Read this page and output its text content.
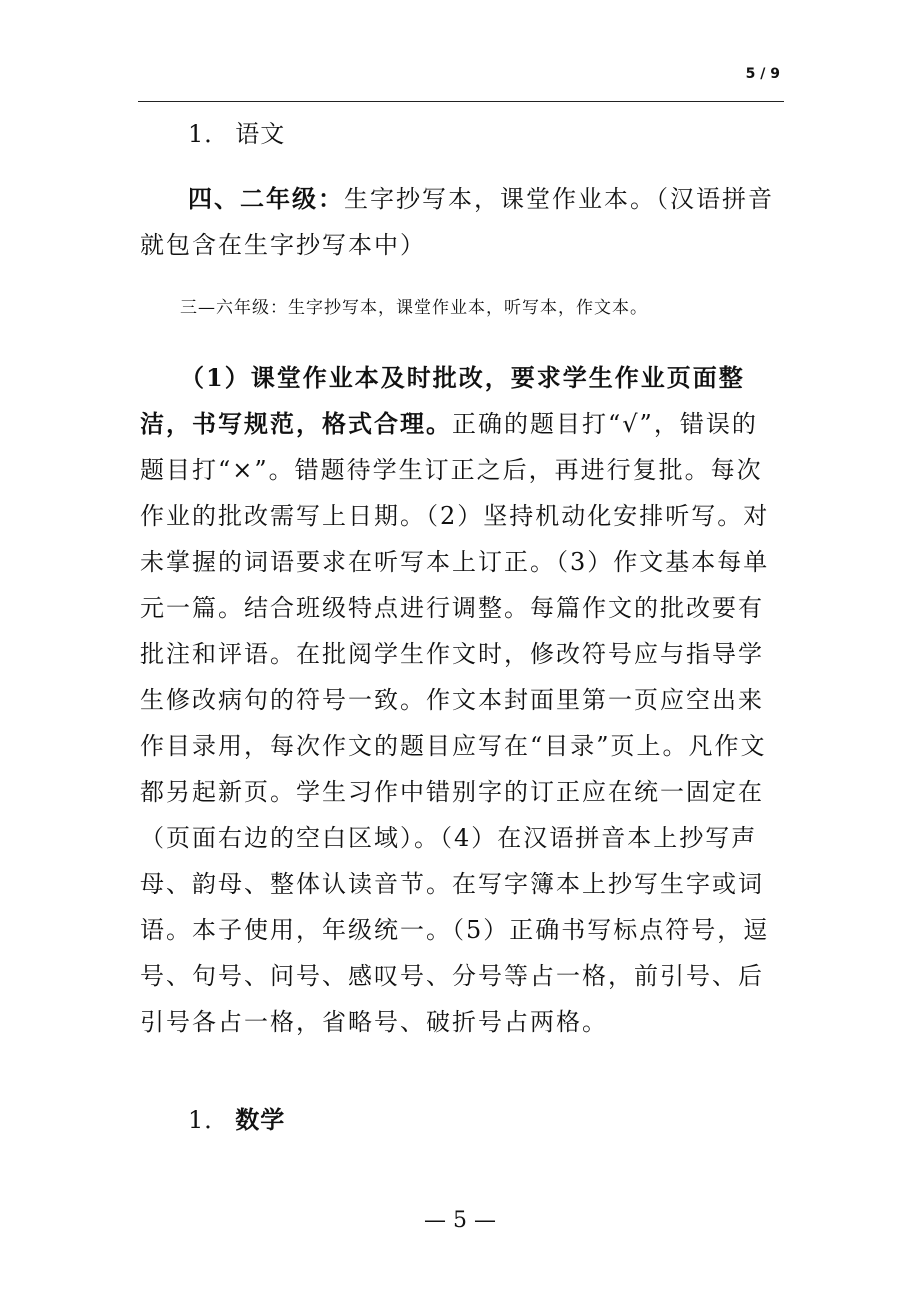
5 / 9
1． 语文

四、二年级：生字抄写本，课堂作业本。（汉语拼音就包含在生字抄写本中）

三—六年级：生字抄写本，课堂作业本，听写本，作文本。

（1）课堂作业本及时批改，要求学生作业页面整洁，书写规范，格式合理。正确的题目打“√”，错误的题目打“×”。错题待学生订正之后，再进行复批。每次作业的批改需写上日期。（2）坚持机动化安排听写。对未掌握的词语要求在听写本上订正。（3）作文基本每单元一篇。结合班级特点进行调整。每篇作文的批改要有批注和评语。在批阅学生作文时，修改符号应与指导学生修改病句的符号一致。作文本封面里第一页应空出来作目录用，每次作文的题目应写在“目录”页上。凡作文都另起新页。学生习作中错别字的订正应在统一固定在（页面右边的空白区域）。（4）在汉语拼音本上抄写声母、韵母、整体认读音节。在写字簿本上抄写生字或词语。本子使用，年级统一。（5）正确书写标点符号，逗号、句号、问号、感叹号、分号等占一格，前引号、后引号各占一格，省略号、破折号占两格。

1． 数学
— 5 —
